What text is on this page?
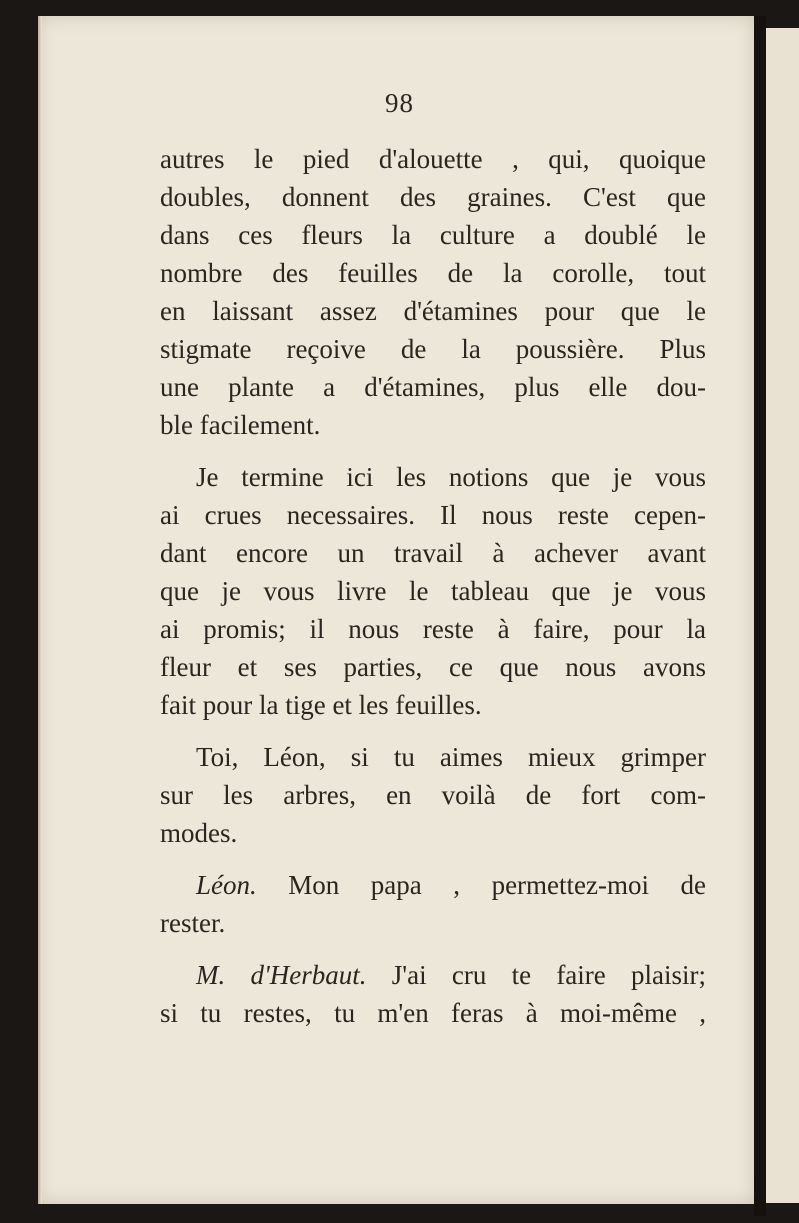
98
autres le pied d'alouette , qui, quoique
doubles, donnent des graines. C'est que
dans ces fleurs la culture a doublé le
nombre des feuilles de la corolle, tout
en laissant assez d'étamines pour que le
stigmate reçoive de la poussière. Plus
une plante a d'étamines, plus elle dou-
ble facilement.
Je termine ici les notions que je vous
ai crues necessaires. Il nous reste cepen-
dant encore un travail à achever avant
que je vous livre le tableau que je vous
ai promis; il nous reste à faire, pour la
fleur et ses parties, ce que nous avons
fait pour la tige et les feuilles.
Toi, Léon, si tu aimes mieux grimper
sur les arbres, en voilà de fort com-
modes.
Léon. Mon papa , permettez-moi de
rester.
M. d'Herbaut. J'ai cru te faire plaisir;
si tu restes, tu m'en feras à moi-même ,
